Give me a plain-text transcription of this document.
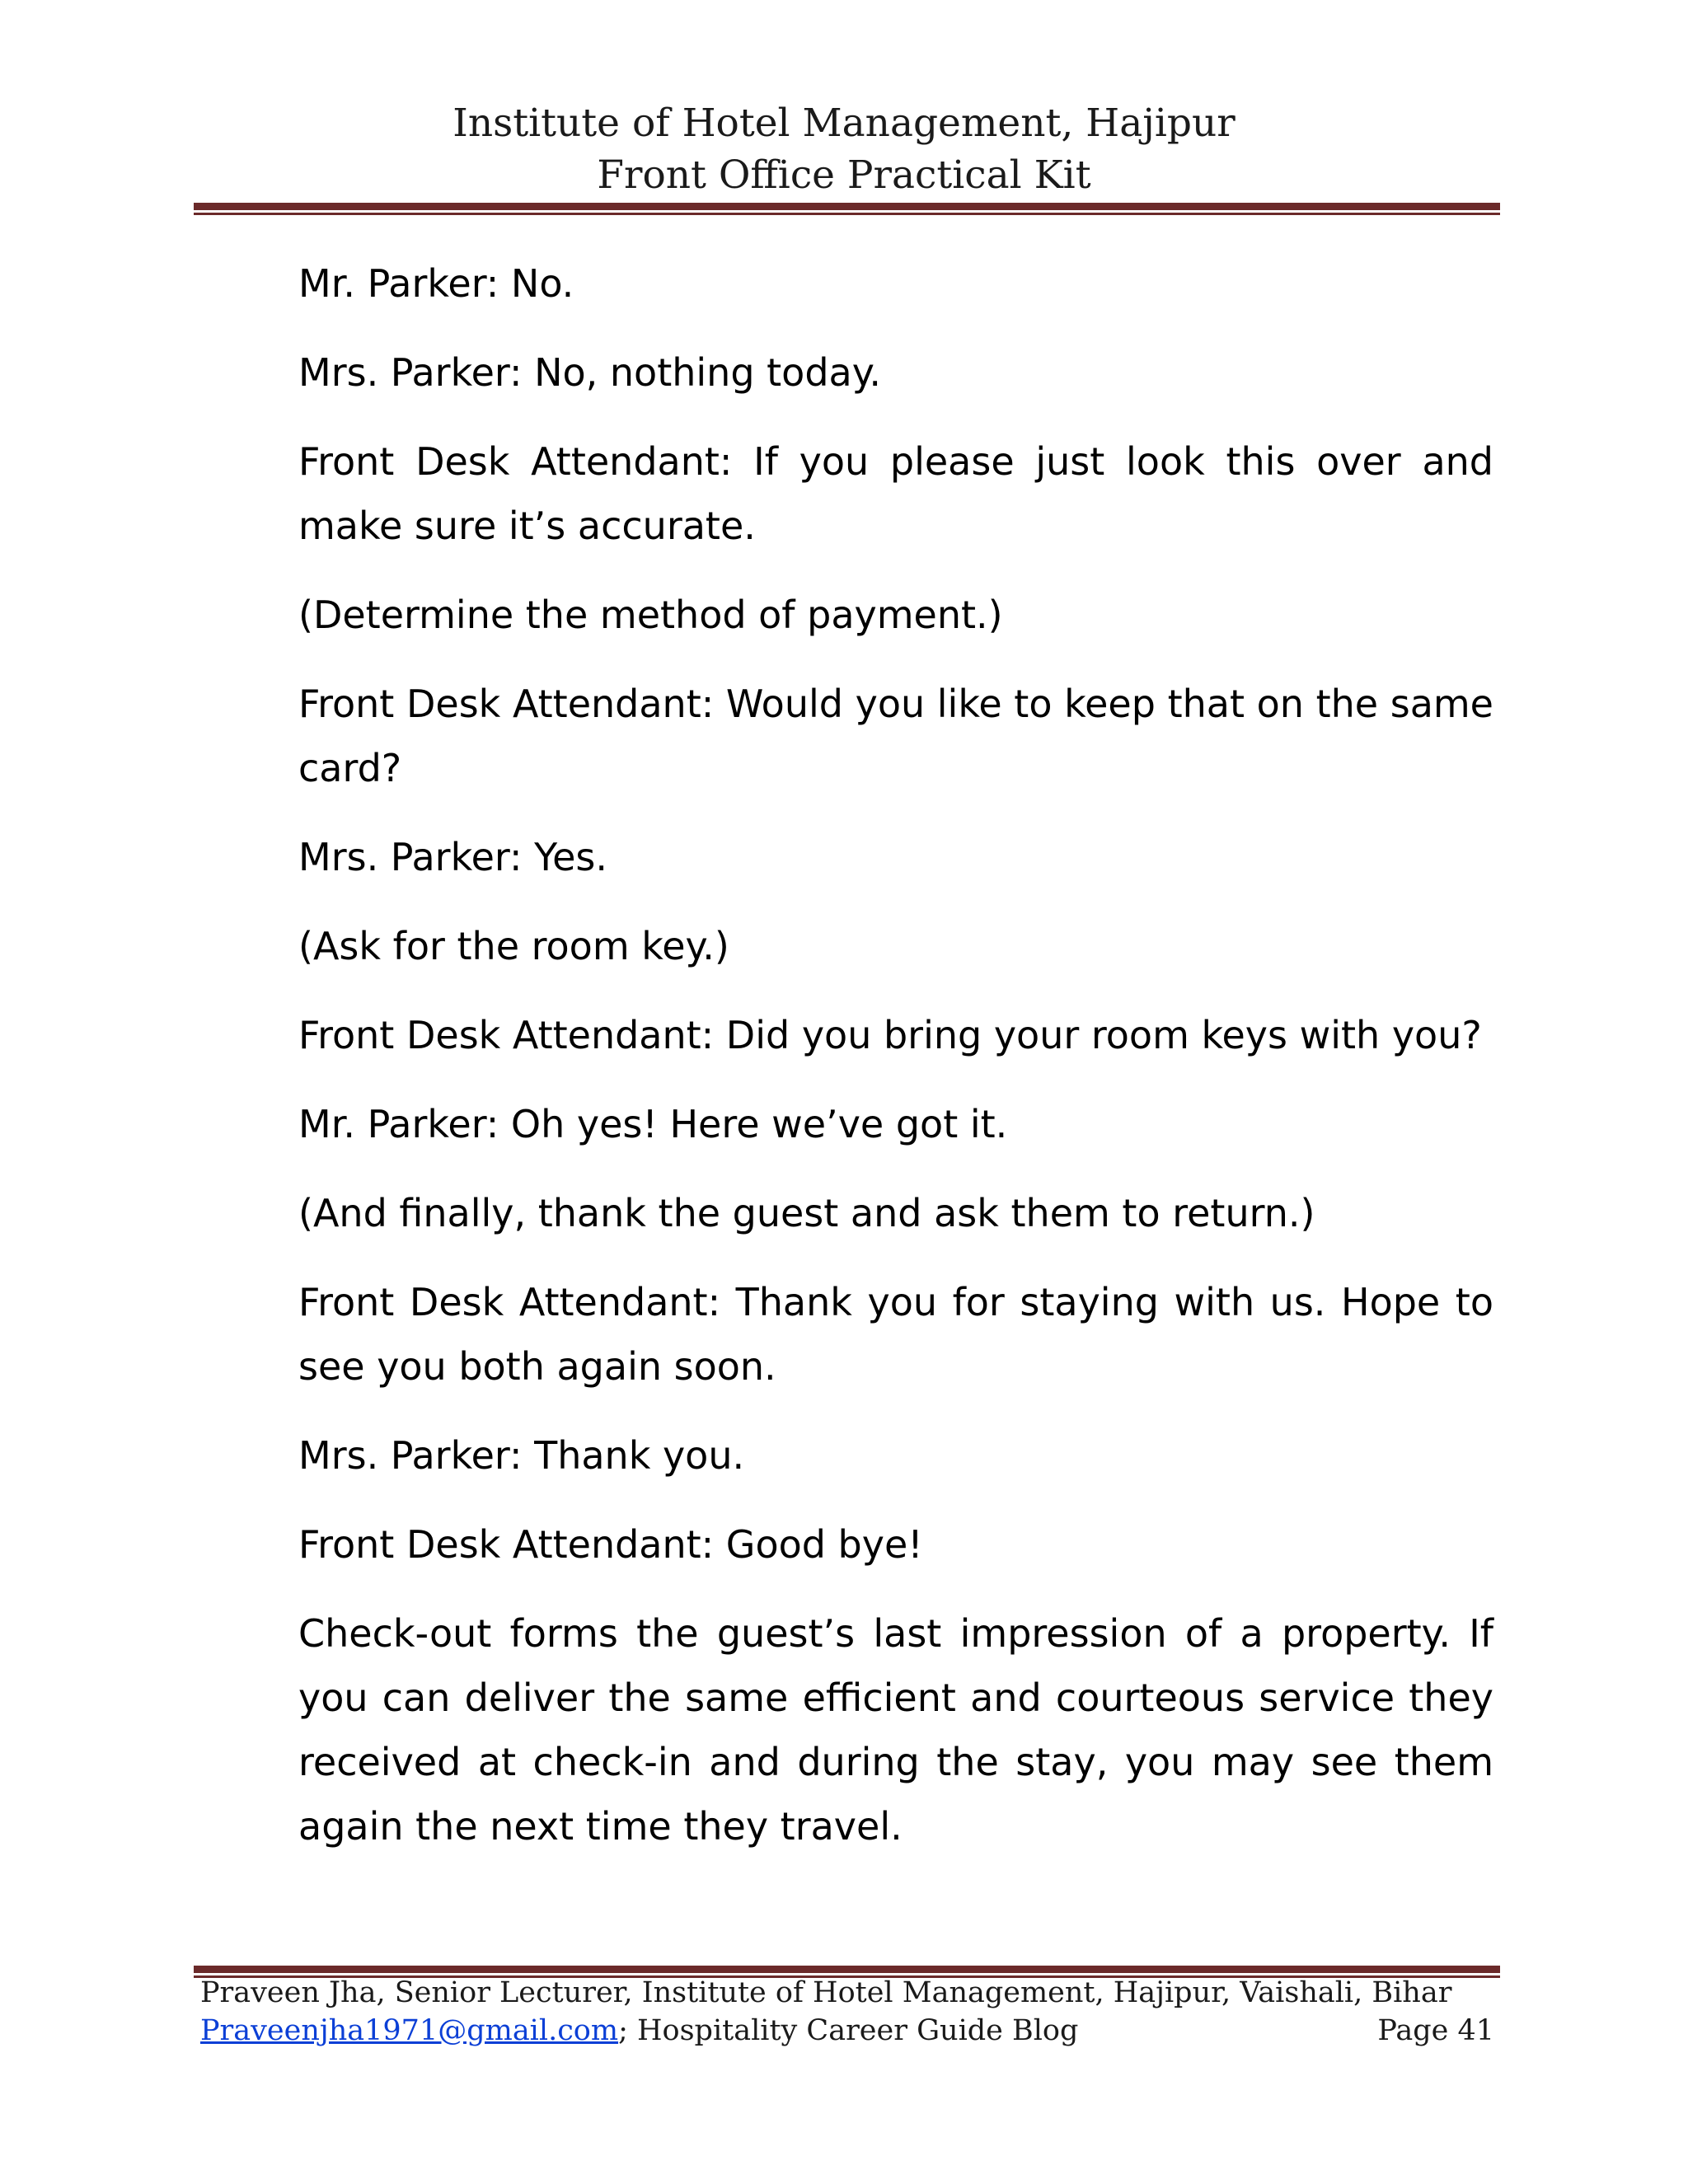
Institute of Hotel Management, Hajipur
Front Office Practical Kit

Mr. Parker: No.

Mrs. Parker: No, nothing today.

Front Desk Attendant: If you please just look this over and make sure it’s accurate.

(Determine the method of payment.)

Front Desk Attendant: Would you like to keep that on the same card?

Mrs. Parker: Yes.

(Ask for the room key.)

Front Desk Attendant: Did you bring your room keys with you?

Mr. Parker: Oh yes! Here we’ve got it.

(And finally, thank the guest and ask them to return.)

Front Desk Attendant: Thank you for staying with us. Hope to see you both again soon.

Mrs. Parker: Thank you.

Front Desk Attendant: Good bye!

Check-out forms the guest’s last impression of a property. If you can deliver the same efficient and courteous service they received at check-in and during the stay, you may see them again the next time they travel.

Praveen Jha, Senior Lecturer, Institute of Hotel Management, Hajipur, Vaishali, Bihar
Praveenjha1971@gmail.com; Hospitality Career Guide Blog	Page 41
